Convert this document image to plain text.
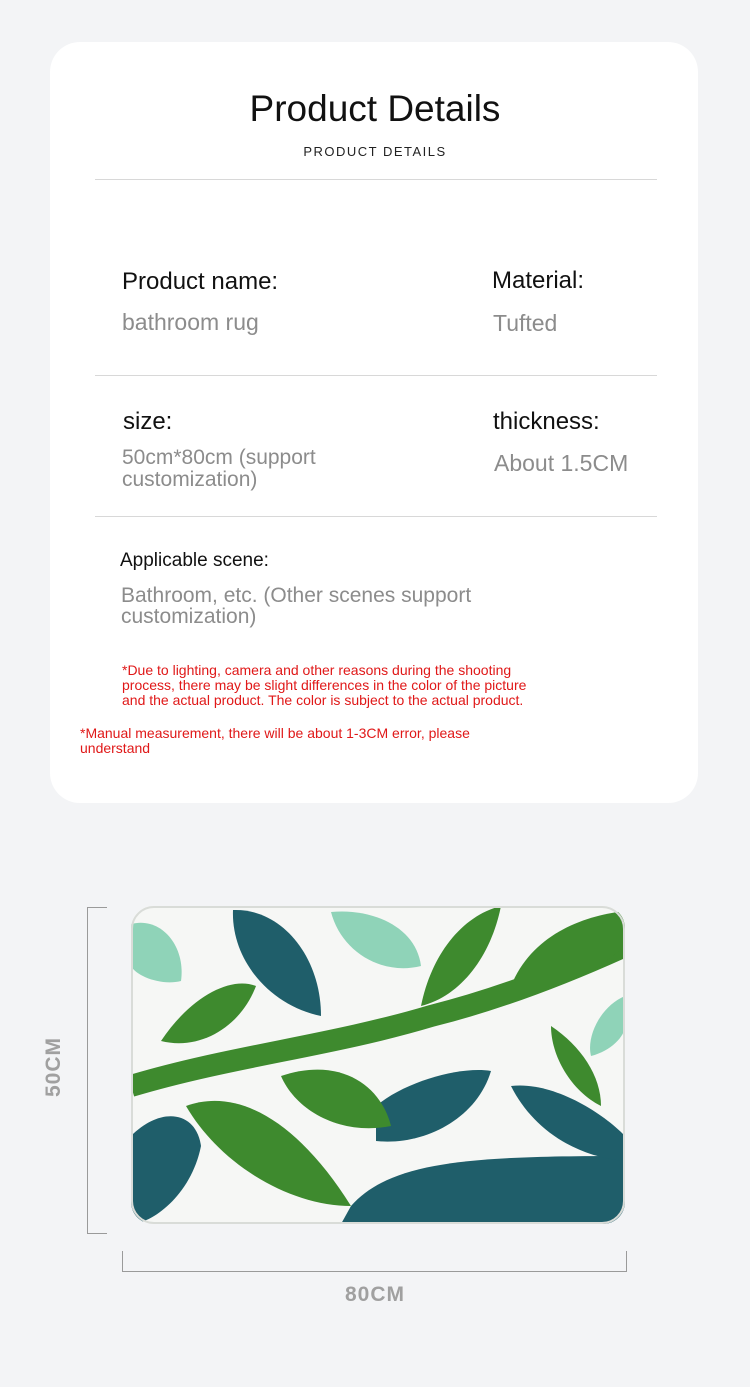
Product Details
PRODUCT DETAILS
Product name:
bathroom rug
Material:
Tufted
size:
50cm*80cm (support
customization)
thickness:
About 1.5CM
Applicable scene:
Bathroom, etc. (Other scenes support
customization)
*Due to lighting, camera and other reasons during the shooting
process, there may be slight differences in the color of the picture
and the actual product. The color is subject to the actual product.
*Manual measurement, there will be about 1-3CM error, please
understand
50CM
80CM
